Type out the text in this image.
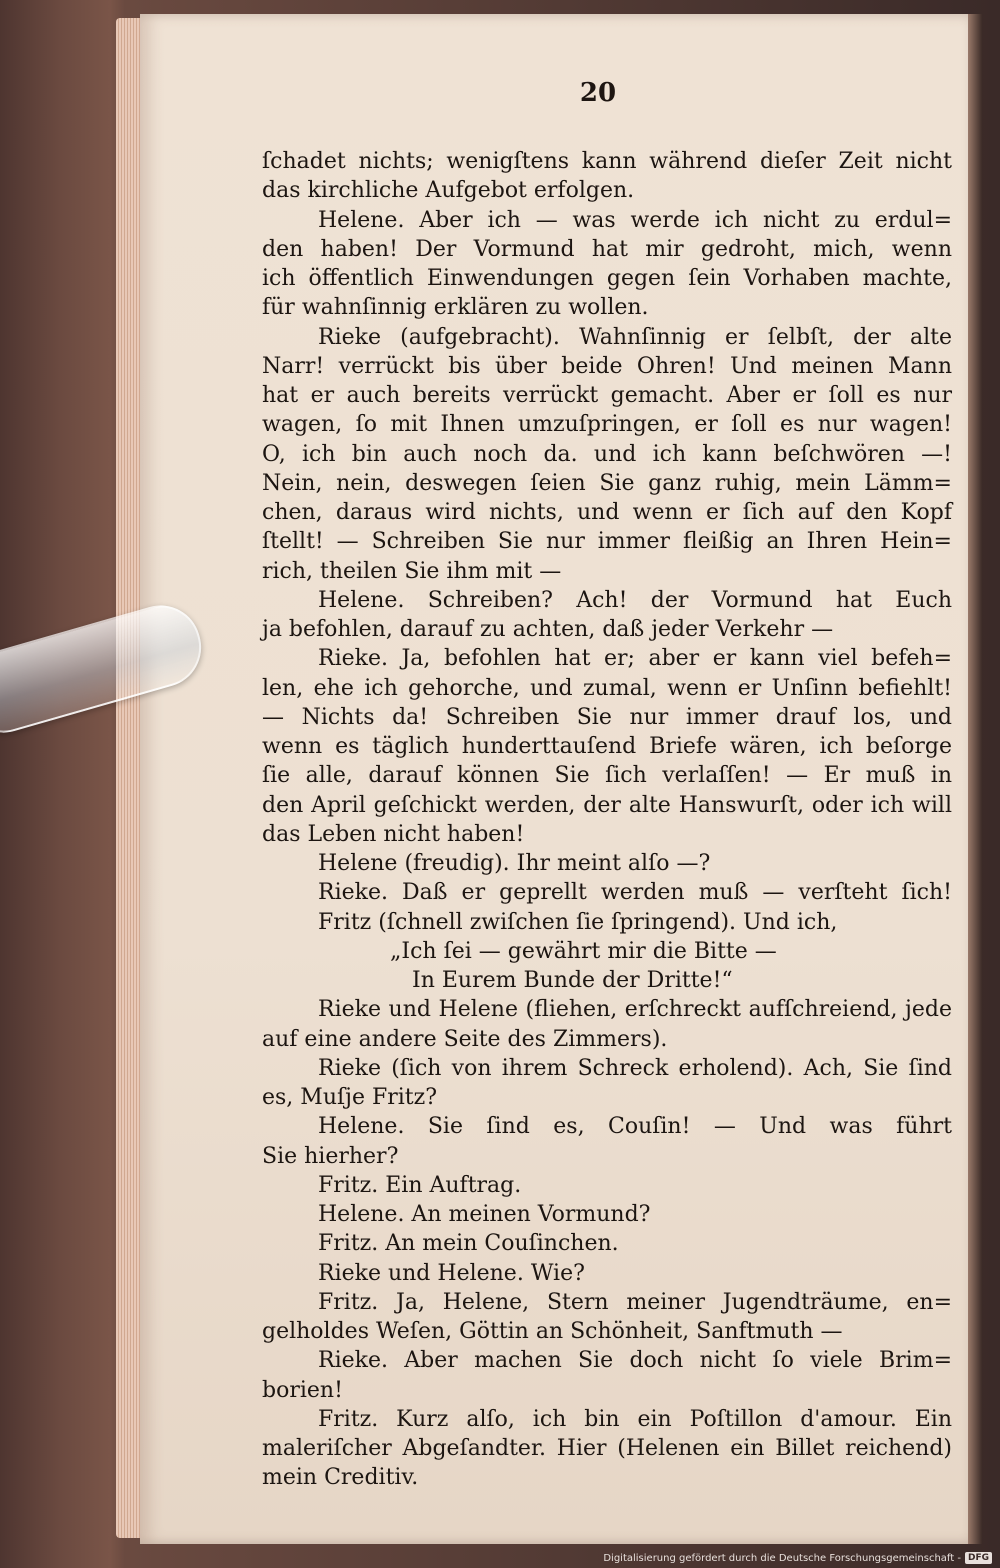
20
ſchadet nichts; wenigſtens kann während dieſer Zeit nicht
das kirchliche Aufgebot erfolgen.
Helene. Aber ich — was werde ich nicht zu erdul=
den haben! Der Vormund hat mir gedroht, mich, wenn
ich öffentlich Einwendungen gegen ſein Vorhaben machte,
für wahnſinnig erklären zu wollen.
Rieke (aufgebracht). Wahnſinnig er ſelbſt, der alte
Narr! verrückt bis über beide Ohren! Und meinen Mann
hat er auch bereits verrückt gemacht. Aber er ſoll es nur
wagen, ſo mit Ihnen umzuſpringen, er ſoll es nur wagen!
O, ich bin auch noch da. und ich kann beſchwören —!
Nein, nein, deswegen ſeien Sie ganz ruhig, mein Lämm=
chen, daraus wird nichts, und wenn er ſich auf den Kopf
ſtellt! — Schreiben Sie nur immer fleißig an Ihren Hein=
rich, theilen Sie ihm mit —
Helene. Schreiben? Ach! der Vormund hat Euch
ja befohlen, darauf zu achten, daß jeder Verkehr —
Rieke. Ja, befohlen hat er; aber er kann viel befeh=
len, ehe ich gehorche, und zumal, wenn er Unſinn befiehlt!
— Nichts da! Schreiben Sie nur immer drauf los, und
wenn es täglich hunderttauſend Briefe wären, ich beſorge
ſie alle, darauf können Sie ſich verlaſſen! — Er muß in
den April geſchickt werden, der alte Hanswurſt, oder ich will
das Leben nicht haben!
Helene (freudig). Ihr meint alſo —?
Rieke. Daß er geprellt werden muß — verſteht ſich!
Fritz (ſchnell zwiſchen ſie ſpringend). Und ich,
„Ich ſei — gewährt mir die Bitte —
In Eurem Bunde der Dritte!“
Rieke und Helene (fliehen, erſchreckt aufſchreiend, jede
auf eine andere Seite des Zimmers).
Rieke (ſich von ihrem Schreck erholend). Ach, Sie ſind
es, Muſje Fritz?
Helene. Sie ſind es, Couſin! — Und was führt
Sie hierher?
Fritz. Ein Auftrag.
Helene. An meinen Vormund?
Fritz. An mein Couſinchen.
Rieke und Helene. Wie?
Fritz. Ja, Helene, Stern meiner Jugendträume, en=
gelholdes Weſen, Göttin an Schönheit, Sanftmuth —
Rieke. Aber machen Sie doch nicht ſo viele Brim=
borien!
Fritz. Kurz alſo, ich bin ein Poſtillon d'amour. Ein
maleriſcher Abgeſandter. Hier (Helenen ein Billet reichend)
mein Creditiv.
Digitalisierung gefördert durch die Deutsche Forschungsgemeinschaft - DFG
